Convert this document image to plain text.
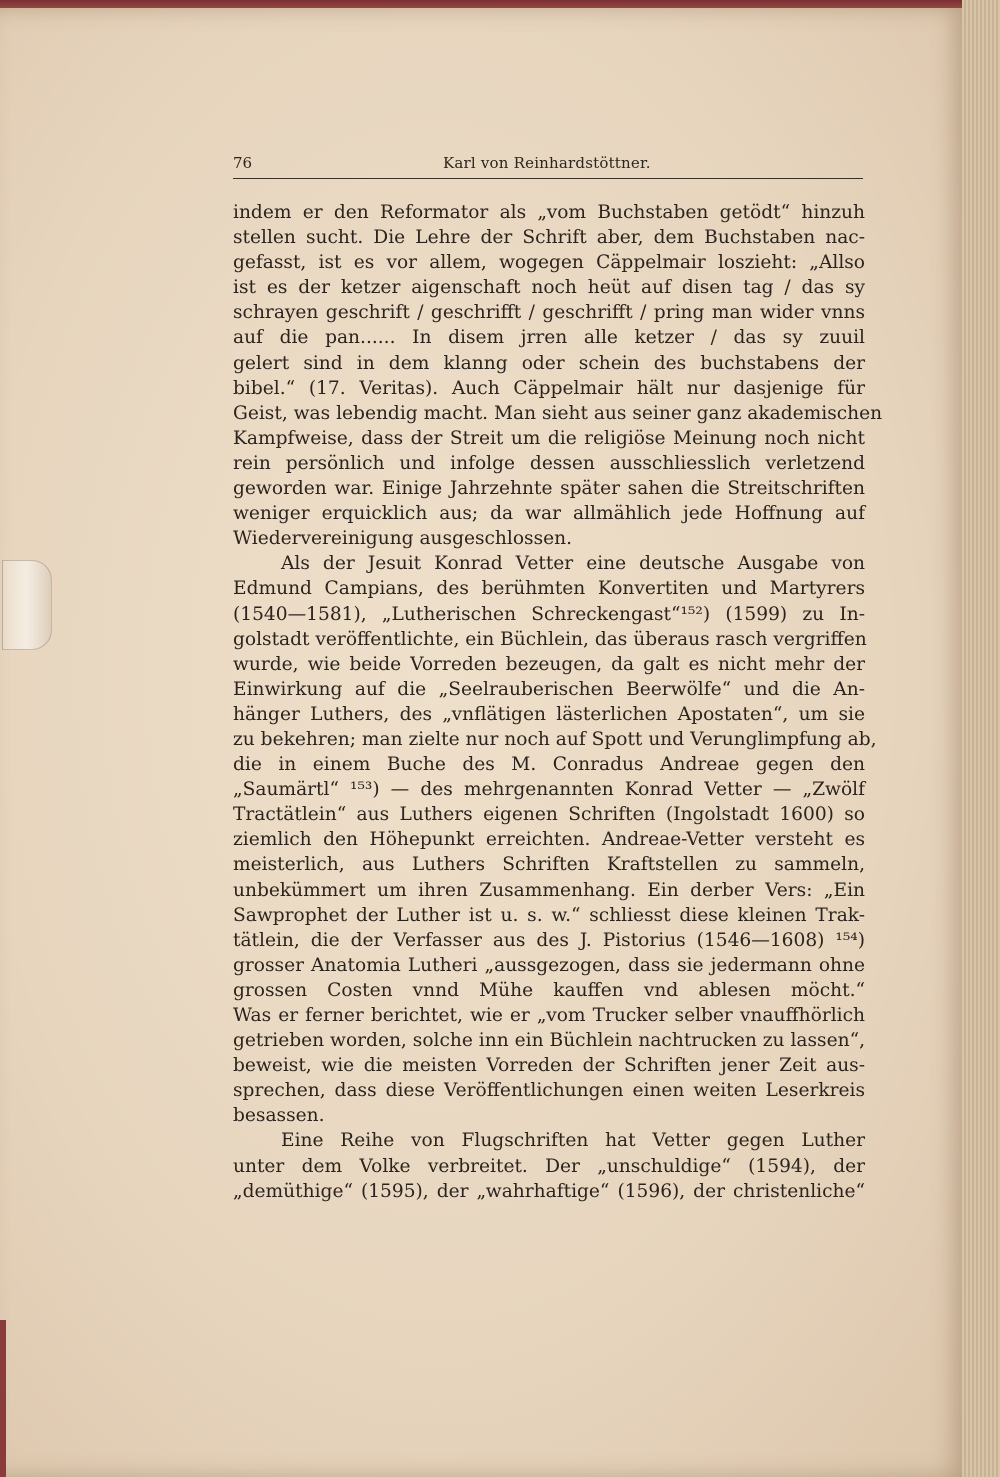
76	Karl von Reinhardstöttner.
indem er den Reformator als „vom Buchstaben getödt“ hinzuh
stellen sucht. Die Lehre der Schrift aber, dem Buchstaben nac-
gefasst, ist es vor allem, wogegen Cäppelmair loszieht: „Allso
ist es der ketzer aigenschaft noch heüt auf disen tag / das sy
schrayen geschrift / geschrifft / geschrifft / pring man wider vnns
auf die pan...... In disem jrren alle ketzer / das sy zuuil
gelert sind in dem klanng oder schein des buchstabens der
bibel.“ (17. Veritas). Auch Cäppelmair hält nur dasjenige für
Geist, was lebendig macht. Man sieht aus seiner ganz akademischen
Kampfweise, dass der Streit um die religiöse Meinung noch nicht
rein persönlich und infolge dessen ausschliesslich verletzend
geworden war. Einige Jahrzehnte später sahen die Streitschriften
weniger erquicklich aus; da war allmählich jede Hoffnung auf
Wiedervereinigung ausgeschlossen.
Als der Jesuit Konrad Vetter eine deutsche Ausgabe von
Edmund Campians, des berühmten Konvertiten und Martyrers
(1540—1581), „Lutherischen Schreckengast“¹⁵²) (1599) zu In-
golstadt veröffentlichte, ein Büchlein, das überaus rasch vergriffen
wurde, wie beide Vorreden bezeugen, da galt es nicht mehr der
Einwirkung auf die „Seelrauberischen Beerwölfe“ und die An-
hänger Luthers, des „vnflätigen lästerlichen Apostaten“, um sie
zu bekehren; man zielte nur noch auf Spott und Verunglimpfung ab,
die in einem Buche des M. Conradus Andreae gegen den
„Saumärtl“ ¹⁵³) — des mehrgenannten Konrad Vetter — „Zwölf
Tractätlein“ aus Luthers eigenen Schriften (Ingolstadt 1600) so
ziemlich den Höhepunkt erreichten. Andreae-Vetter versteht es
meisterlich, aus Luthers Schriften Kraftstellen zu sammeln,
unbekümmert um ihren Zusammenhang. Ein derber Vers: „Ein
Sawprophet der Luther ist u. s. w.“ schliesst diese kleinen Trak-
tätlein, die der Verfasser aus des J. Pistorius (1546—1608) ¹⁵⁴)
grosser Anatomia Lutheri „aussgezogen, dass sie jedermann ohne
grossen Costen vnnd Mühe kauffen vnd ablesen möcht.“
Was er ferner berichtet, wie er „vom Trucker selber vnauffhörlich
getrieben worden, solche inn ein Büchlein nachtrucken zu lassen“,
beweist, wie die meisten Vorreden der Schriften jener Zeit aus-
sprechen, dass diese Veröffentlichungen einen weiten Leserkreis
besassen.
Eine Reihe von Flugschriften hat Vetter gegen Luther
unter dem Volke verbreitet. Der „unschuldige“ (1594), der
„demüthige“ (1595), der „wahrhaftige“ (1596), der christenliche“
